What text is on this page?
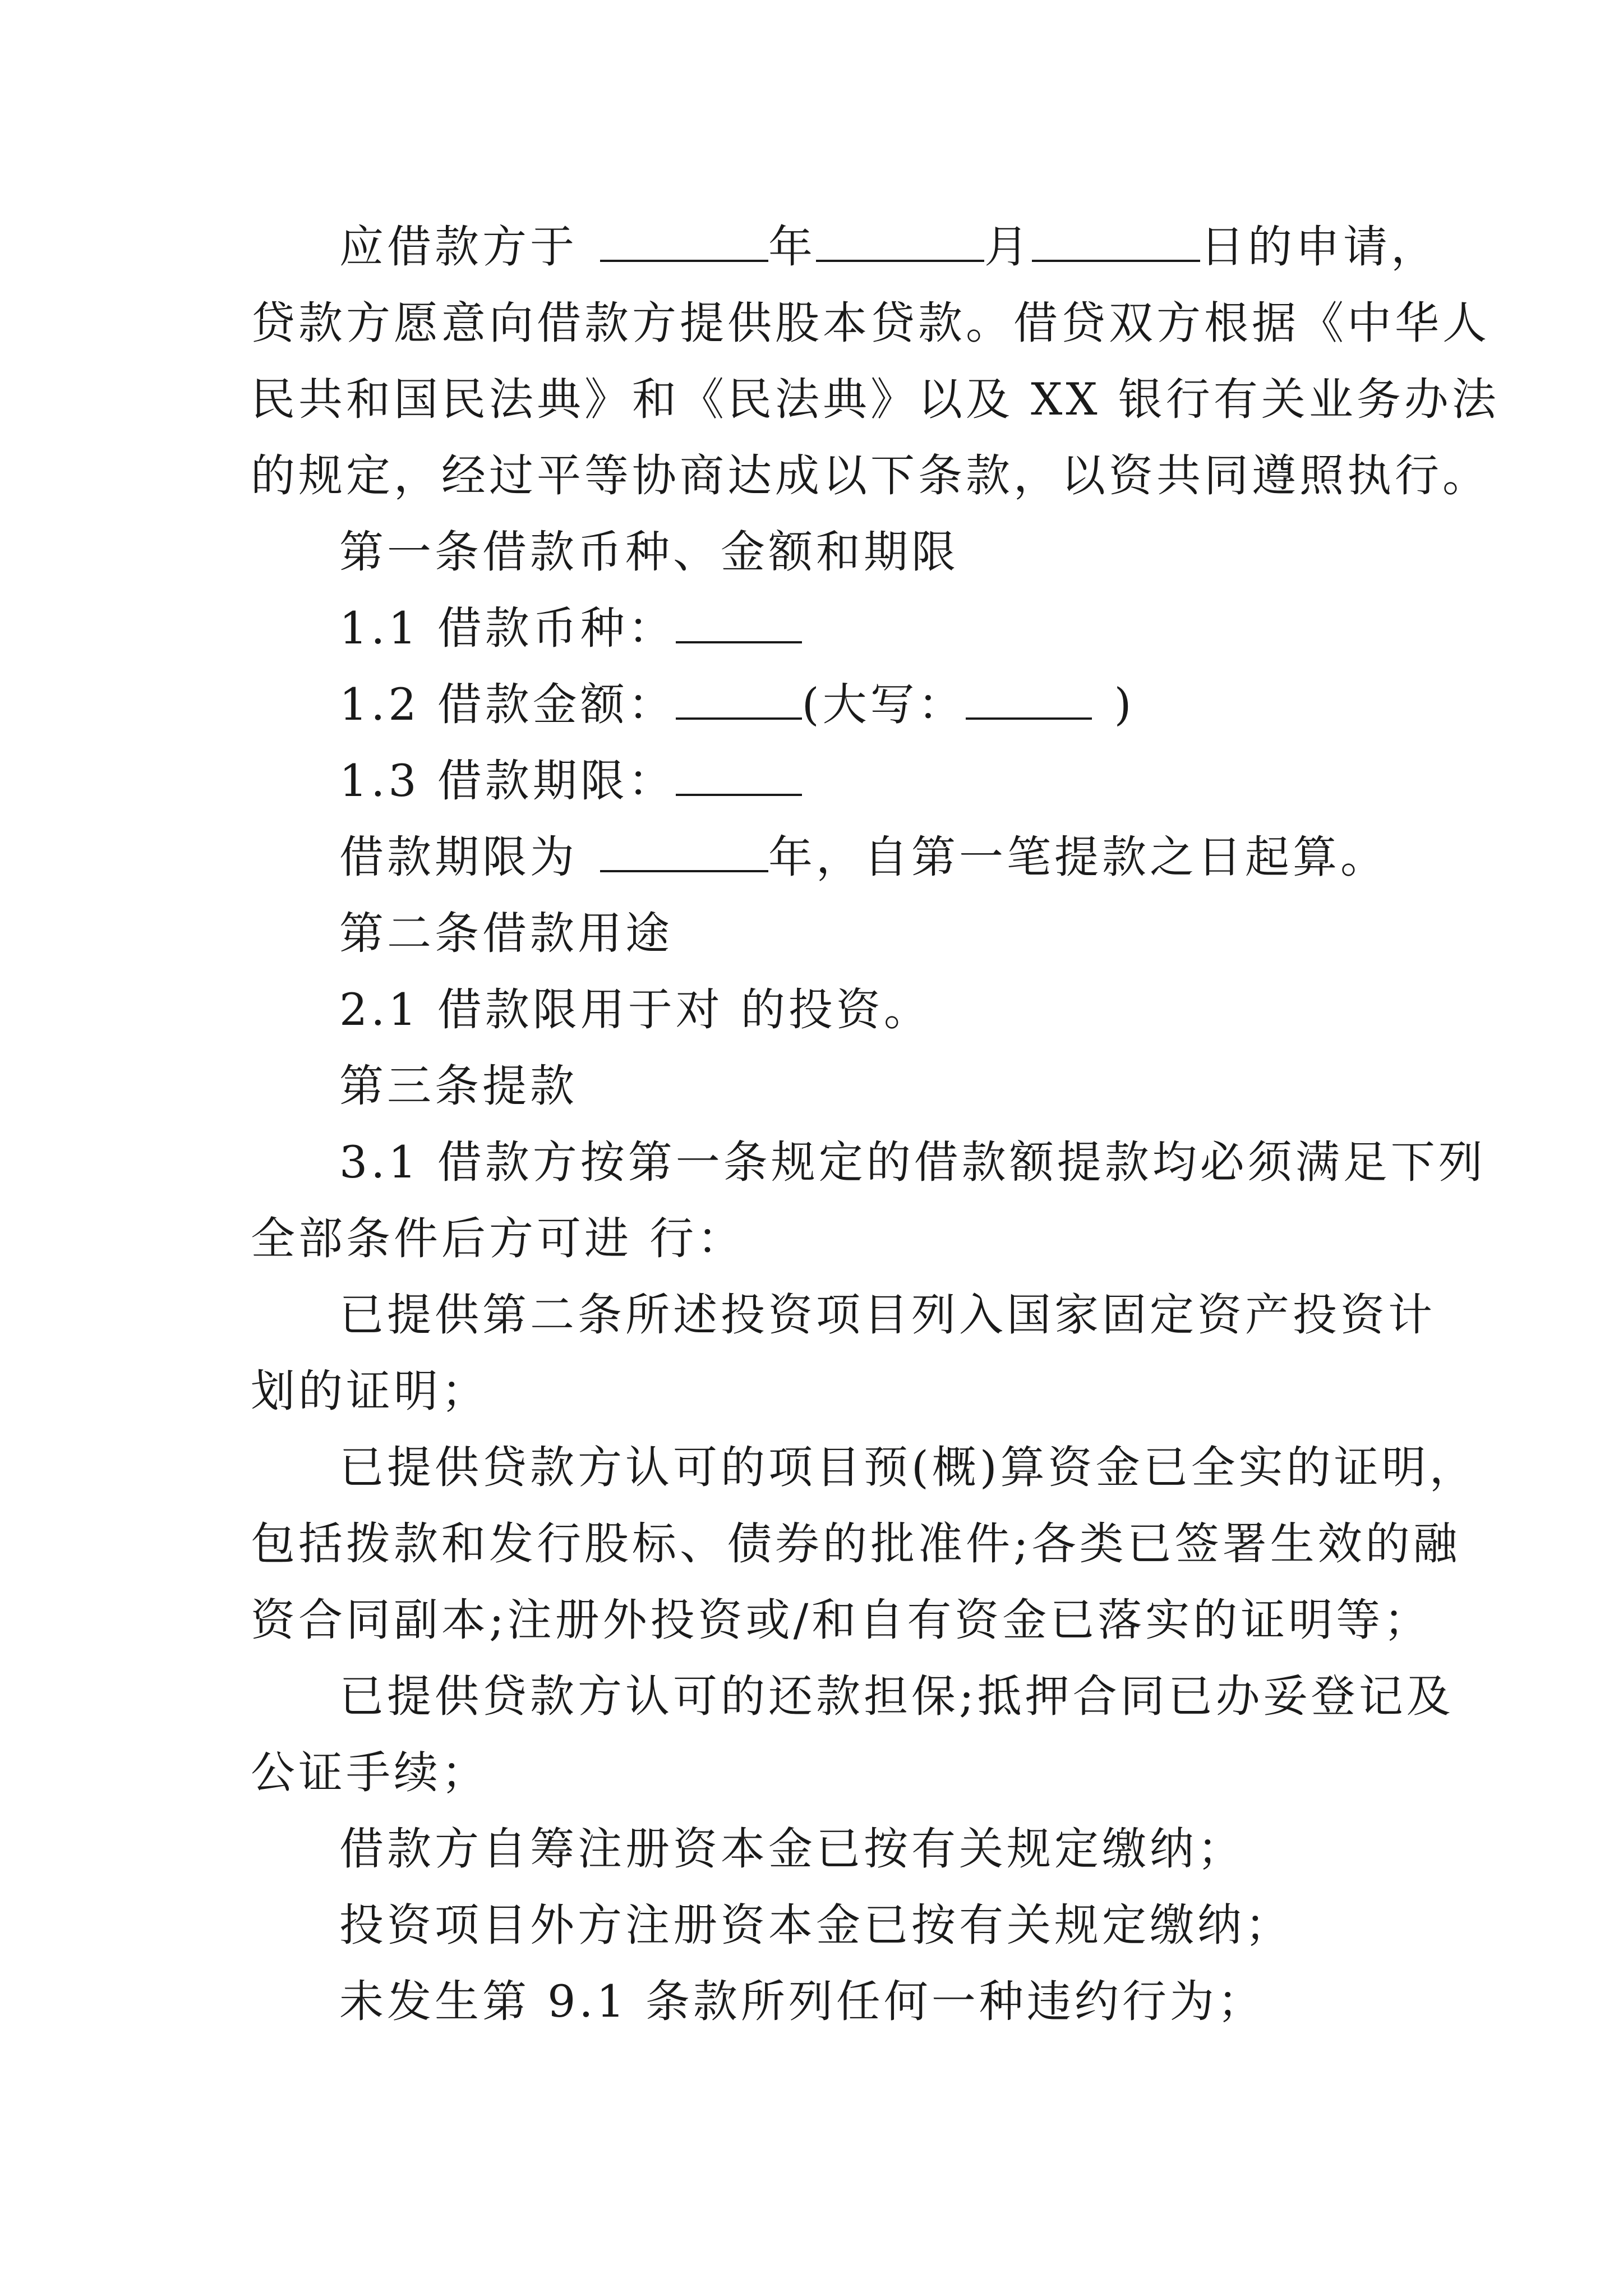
应借款方于	年	月	日的申请，
贷款方愿意向借款方提供股本贷款。借贷双方根据《中华人
民共和国民法典》和《民法典》以及 XX 银行有关业务办法
的规定，经过平等协商达成以下条款，以资共同遵照执行。
第一条借款币种、金额和期限
1.1 借款币种：
1.2 借款金额：	(大写：	)
1.3 借款期限：
借款期限为	年，自第一笔提款之日起算。
第二条借款用途
2.1 借款限用于对 的投资。
第三条提款
3.1 借款方按第一条规定的借款额提款均必须满足下列
全部条件后方可进 行：
已提供第二条所述投资项目列入国家固定资产投资计
划的证明；
已提供贷款方认可的项目预(概)算资金已全实的证明，
包括拨款和发行股标、债券的批准件;各类已签署生效的融
资合同副本;注册外投资或/和自有资金已落实的证明等；
已提供贷款方认可的还款担保;抵押合同已办妥登记及
公证手续；
借款方自筹注册资本金已按有关规定缴纳；
投资项目外方注册资本金已按有关规定缴纳；
未发生第 9.1 条款所列任何一种违约行为；
